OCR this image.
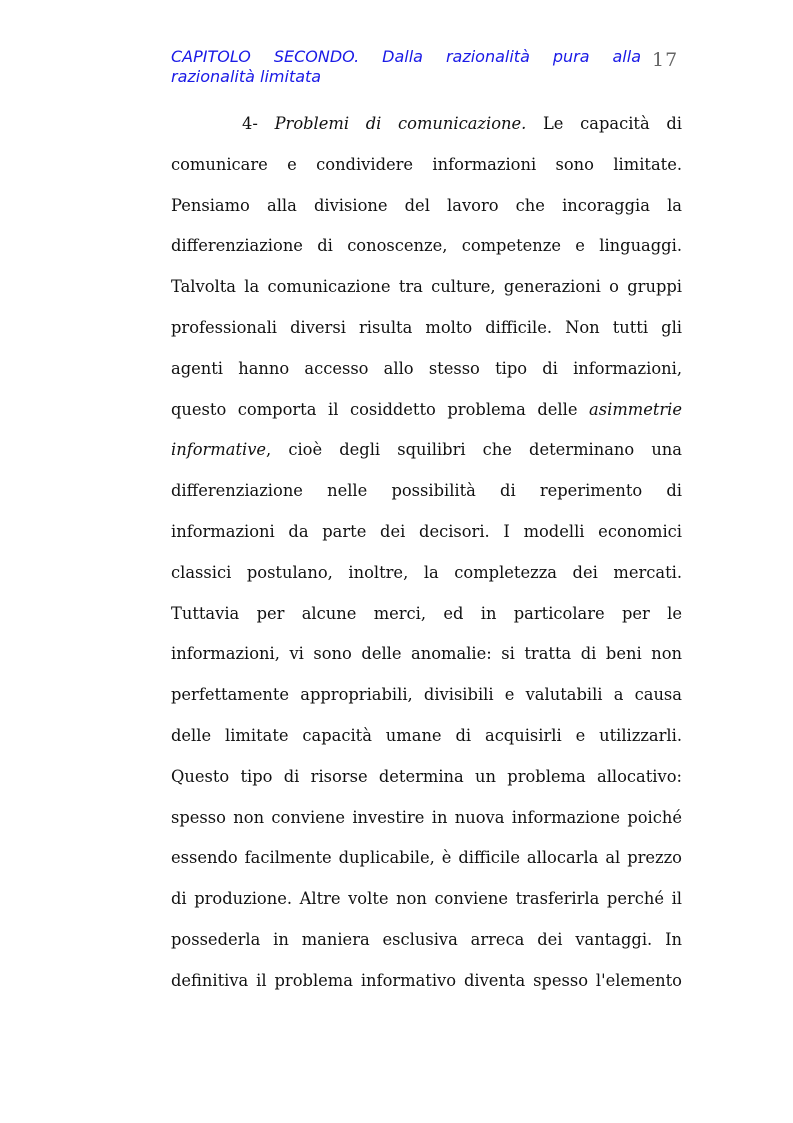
CAPITOLO SECONDO. Dalla razionalità pura alla
razionalità limitata
17
4- Problemi di comunicazione. Le capacità di
comunicare e condividere informazioni sono limitate.
Pensiamo alla divisione del lavoro che incoraggia la
differenziazione di conoscenze, competenze e linguaggi.
Talvolta la comunicazione tra culture, generazioni o gruppi
professionali diversi risulta molto difficile. Non tutti gli
agenti hanno accesso allo stesso tipo di informazioni,
questo comporta il cosiddetto problema delle asimmetrie
informative, cioè degli squilibri che determinano una
differenziazione nelle possibilità di reperimento di
informazioni da parte dei decisori. I modelli economici
classici postulano, inoltre, la completezza dei mercati.
Tuttavia per alcune merci, ed in particolare per le
informazioni, vi sono delle anomalie: si tratta di beni non
perfettamente appropriabili, divisibili e valutabili a causa
delle limitate capacità umane di acquisirli e utilizzarli.
Questo tipo di risorse determina un problema allocativo:
spesso non conviene investire in nuova informazione poiché
essendo facilmente duplicabile, è difficile allocarla al prezzo
di produzione. Altre volte non conviene trasferirla perché il
possederla in maniera esclusiva arreca dei vantaggi. In
definitiva il problema informativo diventa spesso l'elemento
